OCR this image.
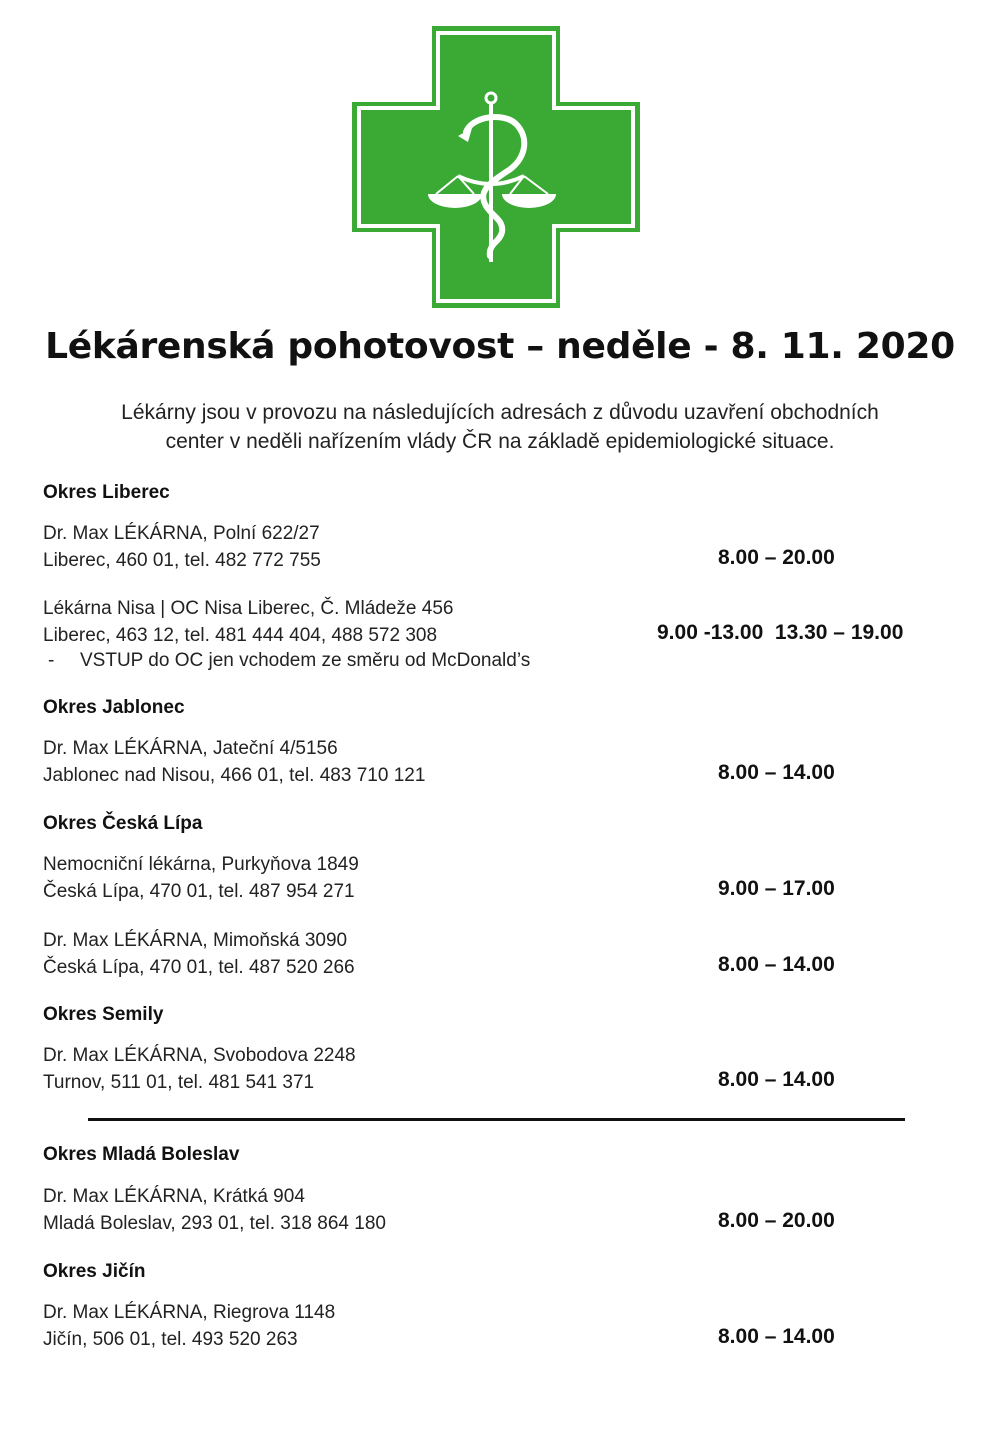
Lékárenská pohotovost – neděle - 8. 11. 2020
Lékárny jsou v provozu na následujících adresách z důvodu uzavření obchodních
center v neděli nařízením vlády ČR na základě epidemiologické situace.
Okres Liberec
Dr. Max LÉKÁRNA, Polní 622/27
Liberec, 460 01, tel. 482 772 755	8.00 – 20.00
Lékárna Nisa | OC Nisa Liberec, Č. Mládeže 456
Liberec, 463 12, tel. 481 444 404, 488 572 308
- VSTUP do OC jen vchodem ze směru od McDonald’s
9.00 -13.00  13.30 – 19.00
Okres Jablonec
Dr. Max LÉKÁRNA, Jateční 4/5156
Jablonec nad Nisou, 466 01, tel. 483 710 121	8.00 – 14.00
Okres Česká Lípa
Nemocniční lékárna, Purkyňova 1849
Česká Lípa, 470 01, tel. 487 954 271	9.00 – 17.00
Dr. Max LÉKÁRNA, Mimoňská 3090
Česká Lípa, 470 01, tel. 487 520 266	8.00 – 14.00
Okres Semily
Dr. Max LÉKÁRNA, Svobodova 2248
Turnov, 511 01, tel. 481 541 371	8.00 – 14.00
Okres Mladá Boleslav
Dr. Max LÉKÁRNA, Krátká 904
Mladá Boleslav, 293 01, tel. 318 864 180	8.00 – 20.00
Okres Jičín
Dr. Max LÉKÁRNA, Riegrova 1148
Jičín, 506 01, tel. 493 520 263	8.00 – 14.00
